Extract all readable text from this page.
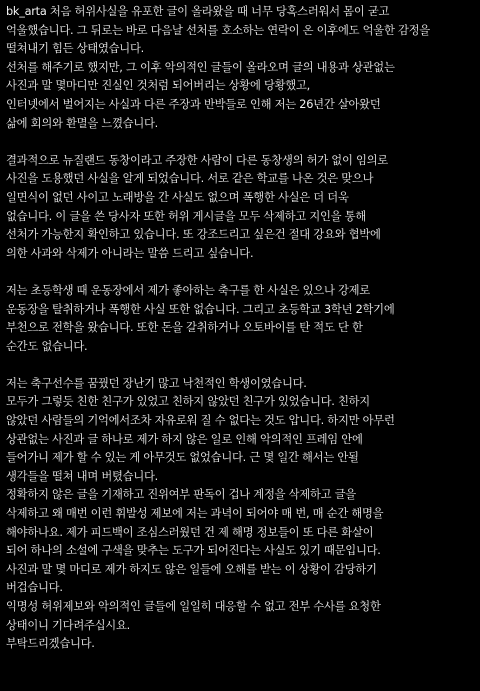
bk_arta 처음 허위사실을 유포한 글이 올라왔을 때 너무 당혹스러워서 몸이 굳고
억울했습니다. 그 뒤로는 바로 다음날 선처를 호소하는 연락이 온 이후에도 억울한 감정을
떨쳐내기 힘든 상태였습니다.
선처를 해주기로 했지만, 그 이후 악의적인 글들이 올라오며 글의 내용과 상관없는
사진과 말 몇마디만 진실인 것처럼 되어버리는 상황에 당황했고,
인터넷에서 벌어지는 사실과 다른 주장과 반박들로 인해 저는 26년간 살아왔던
삶에 회의와 환멸을 느꼈습니다.
결과적으로 뉴질랜드 동창이라고 주장한 사람이 다른 동창생의 허가 없이 임의로
사진을 도용했던 사실을 알게 되었습니다. 서로 같은 학교를 나온 것은 맞으나
일면식이 없던 사이고 노래방을 간 사실도 없으며 폭행한 사실은 더 더욱
없습니다. 이 글을 쓴 당사자 또한 허위 게시글을 모두 삭제하고 지인을 통해
선처가 가능한지 확인하고 있습니다. 또 강조드리고 싶은건 절대 강요와 협박에
의한 사과와 삭제가 아니라는 말씀 드리고 싶습니다.
저는 초등학생 때 운동장에서 제가 좋아하는 축구를 한 사실은 있으나 강제로
운동장을 탈취하거나 폭행한 사실 또한 없습니다. 그리고 초등학교 3학년 2학기에
부천으로 전학을 왔습니다. 또한 돈을 갈취하거나 오토바이를 탄 적도 단 한
순간도 없습니다.
저는 축구선수를 꿈꿨던 장난기 많고 낙천적인 학생이였습니다.
모두가 그렇듯 친한 친구가 있었고 친하지 않았던 친구가 있었습니다. 친하지
않았던 사람들의 기억에서조차 자유로워 질 수 없다는 것도 압니다. 하지만 아무런
상관없는 사진과 글 하나로 제가 하지 않은 일로 인해 악의적인 프레임 안에
들어가니 제가 할 수 있는 게 아무것도 없었습니다. 근 몇 일간 해서는 안될
생각들을 떨쳐 내며 버텼습니다.
정확하지 않은 글을 기재하고 진위여부 판독이 겁나 계정을 삭제하고 글을
삭제하고 왜 매번 이런 휘발성 제보에 저는 과녁이 되어야 매 번, 매 순간 해명을
해야하나요. 제가 피드백이 조심스러웠던 건 제 해명 정보들이 또 다른 화살이
되어 하나의 소설에 구색을 맞추는 도구가 되어진다는 사실도 있기 때문입니다.
사진과 말 몇 마디로 제가 하지도 않은 일들에 오해를 받는 이 상황이 감당하기
버겁습니다.
익명성 허위제보와 악의적인 글들에 일일히 대응할 수 없고 전부 수사를 요청한
상태이니 기다려주십시요.
부탁드리겠습니다.
